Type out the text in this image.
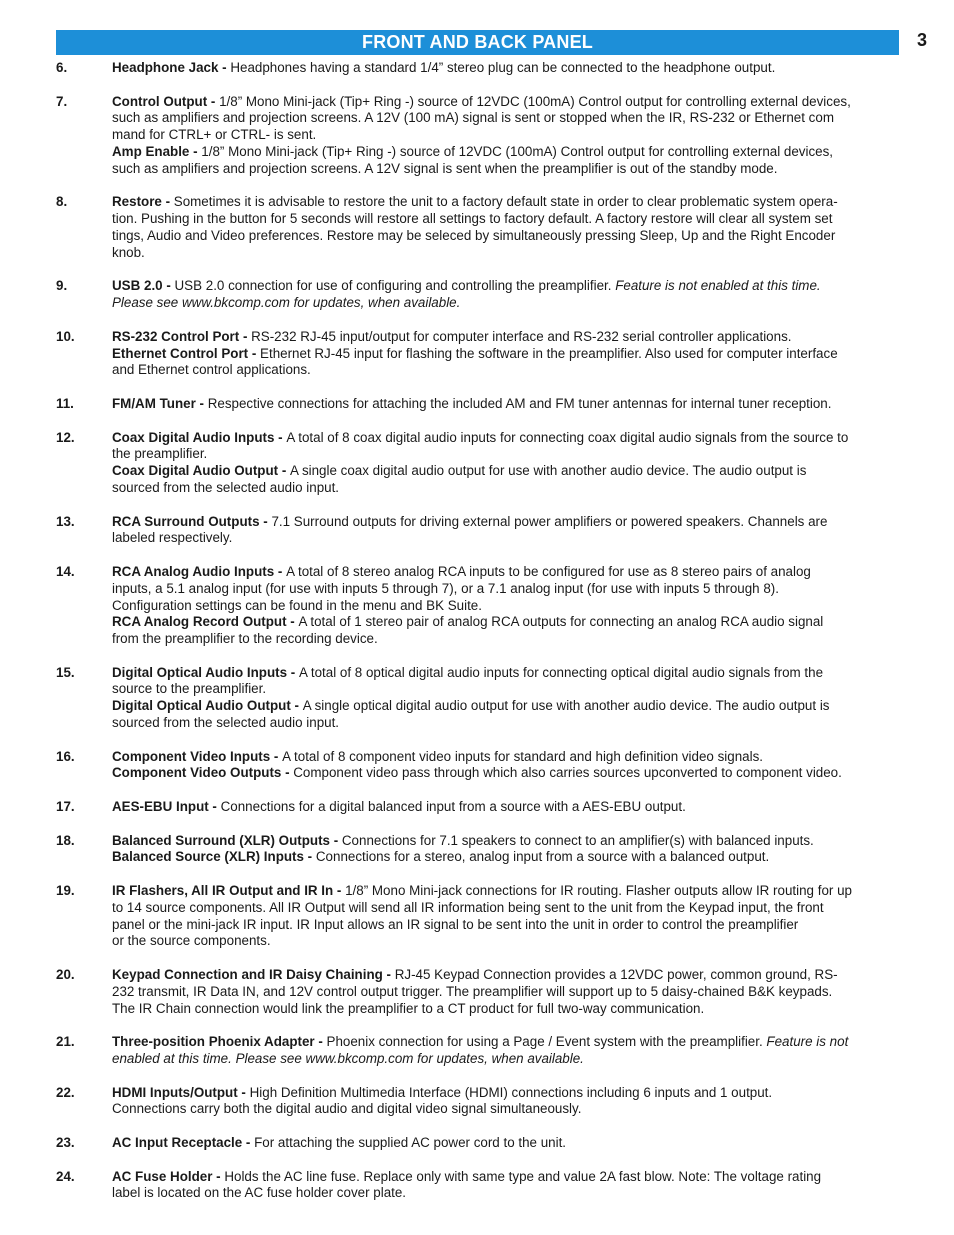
FRONT AND BACK PANEL	3
6.	Headphone Jack - Headphones having a standard 1/4” stereo plug can be connected to the headphone output.

7.	Control Output - 1/8” Mono Mini-jack (Tip+ Ring -) source of 12VDC (100mA) Control output for controlling external devices,
such as amplifiers and projection screens. A 12V (100 mA) signal is sent or stopped when the IR, RS-232 or Ethernet com
mand for CTRL+ or CTRL- is sent.

Amp Enable - 1/8” Mono Mini-jack (Tip+ Ring -) source of 12VDC (100mA) Control output for controlling external devices,
such as amplifiers and projection screens. A 12V signal is sent when the preamplifier is out of the standby mode.

8.	Restore - Sometimes it is advisable to restore the unit to a factory default state in order to clear problematic system opera-
tion. Pushing in the button for 5 seconds will restore all settings to factory default. A factory restore will clear all system set
tings, Audio and Video preferences. Restore may be seleced by simultaneously pressing Sleep, Up and the Right Encoder
knob.

9.	USB 2.0 - USB 2.0 connection for use of configuring and controlling the preamplifier. Feature is not enabled at this time.
Please see www.bkcomp.com for updates, when available.

10.	RS-232 Control Port - RS-232 RJ-45 input/output for computer interface and RS-232 serial controller applications.

Ethernet Control Port - Ethernet RJ-45 input for flashing the software in the preamplifier. Also used for computer interface
and Ethernet control applications.

11.	FM/AM Tuner - Respective connections for attaching the included AM and FM tuner antennas for internal tuner reception.

12.	Coax Digital Audio Inputs - A total of 8 coax digital audio inputs for connecting coax digital audio signals from the source to
the preamplifier.

Coax Digital Audio Output - A single coax digital audio output for use with another audio device. The audio output is
sourced from the selected audio input.

13.	RCA Surround Outputs - 7.1 Surround outputs for driving external power amplifiers or powered speakers. Channels are
labeled respectively.

14.	RCA Analog Audio Inputs - A total of 8 stereo analog RCA inputs to be configured for use as 8 stereo pairs of analog
inputs, a 5.1 analog input (for use with inputs 5 through 7), or a 7.1 analog input (for use with inputs 5 through 8).
Configuration settings can be found in the menu and BK Suite.

RCA Analog Record Output - A total of 1 stereo pair of analog RCA outputs for connecting an analog RCA audio signal
from the preamplifier to the recording device.

15.	Digital Optical Audio Inputs - A total of 8 optical digital audio inputs for connecting optical digital audio signals from the
source to the preamplifier.

Digital Optical Audio Output - A single optical digital audio output for use with another audio device. The audio output is
sourced from the selected audio input.

16.	Component Video Inputs - A total of 8 component video inputs for standard and high definition video signals.

Component Video Outputs - Component video pass through which also carries sources upconverted to component video.

17.	AES-EBU Input - Connections for a digital balanced input from a source with a AES-EBU output.

18.	Balanced Surround (XLR) Outputs - Connections for 7.1 speakers to connect to an amplifier(s) with balanced inputs.

Balanced Source (XLR) Inputs - Connections for a stereo, analog input from a source with a balanced output.

19.	IR Flashers, All IR Output and IR In - 1/8” Mono Mini-jack connections for IR routing. Flasher outputs allow IR routing for up
to 14 source components. All IR Output will send all IR information being sent to the unit from the Keypad input, the front
panel or the mini-jack IR input. IR Input allows an IR signal to be sent into the unit in order to control the preamplifier
or the source components.

20.	Keypad Connection and IR Daisy Chaining - RJ-45 Keypad Connection provides a 12VDC power, common ground, RS-
232 transmit, IR Data IN, and 12V control output trigger. The preamplifier will support up to 5 daisy-chained B&K keypads.
The IR Chain connection would link the preamplifier to a CT product for full two-way communication.

21.	Three-position Phoenix Adapter - Phoenix connection for using a Page / Event system with the preamplifier. Feature is not
enabled at this time. Please see www.bkcomp.com for updates, when available.

22.	HDMI Inputs/Output - High Definition Multimedia Interface (HDMI) connections including 6 inputs and 1 output.
Connections carry both the digital audio and digital video signal simultaneously.

23.	AC Input Receptacle - For attaching the supplied AC power cord to the unit.

24.	AC Fuse Holder - Holds the AC line fuse. Replace only with same type and value 2A fast blow. Note: The voltage rating
label is located on the AC fuse holder cover plate.
